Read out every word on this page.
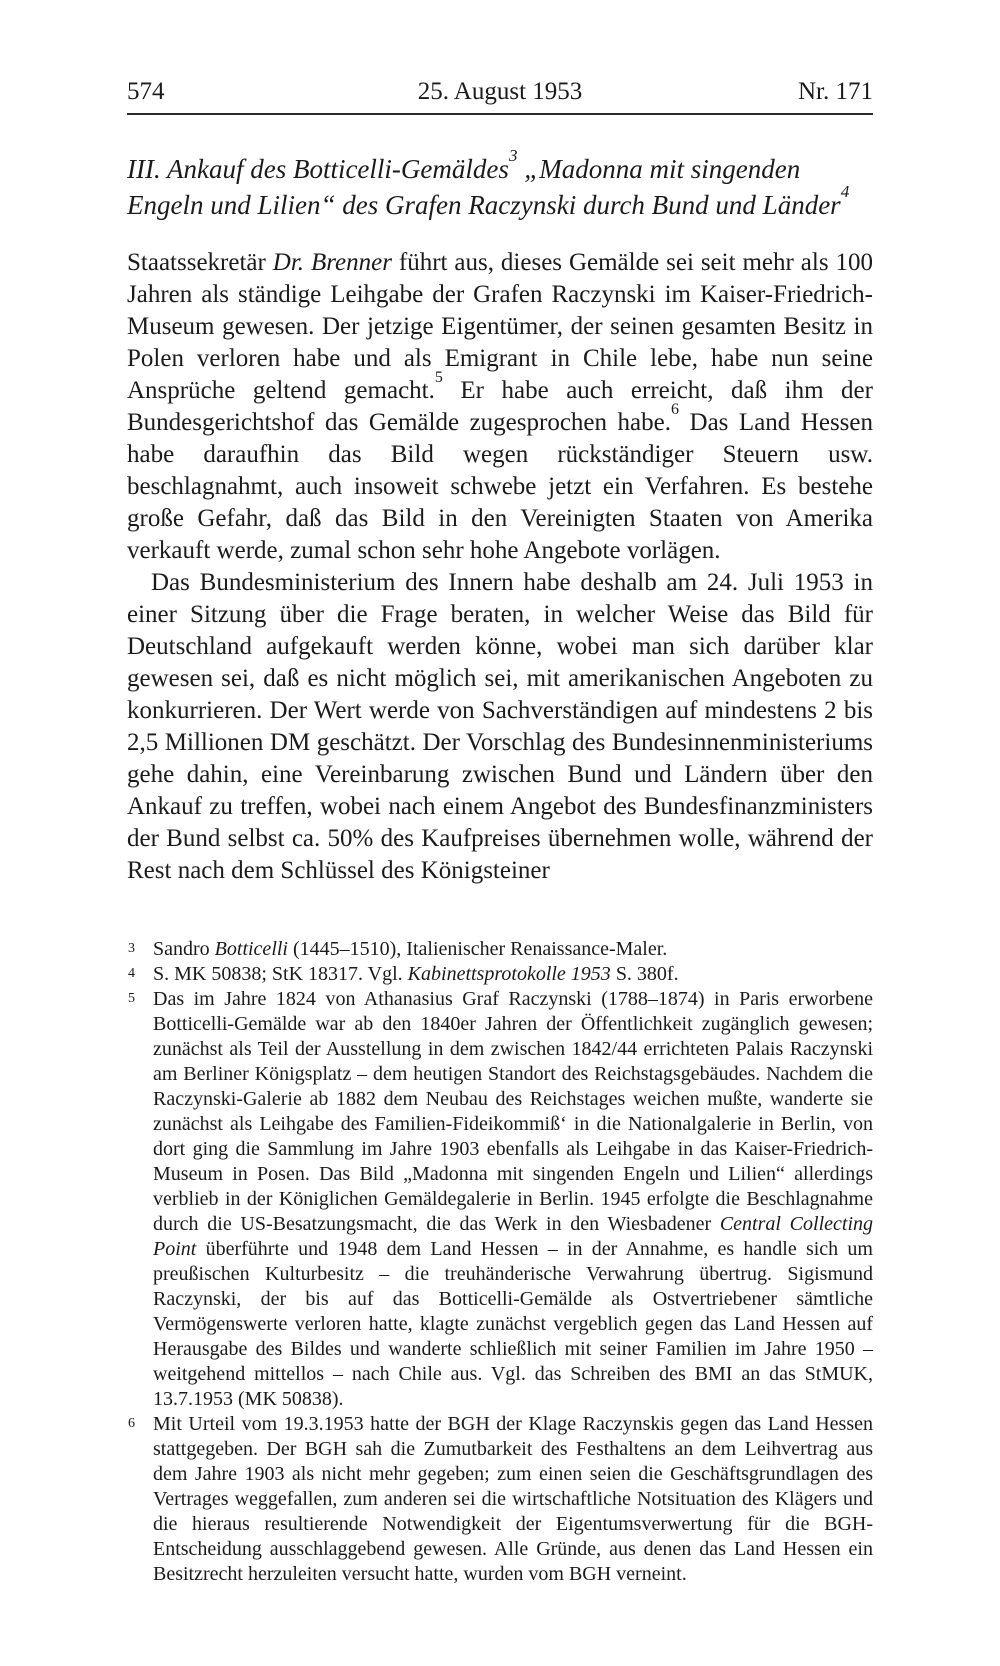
574	25. August 1953	Nr. 171
III. Ankauf des Botticelli-Gemäldes$^3$ „Madonna mit singenden Engeln und Lilien“ des Grafen Raczynski durch Bund und Länder$^4$

Staatssekretär Dr. Brenner führt aus, dieses Gemälde sei seit mehr als 100 Jahren als ständige Leihgabe der Grafen Raczynski im Kaiser-Friedrich-Museum gewesen. Der jetzige Eigentümer, der seinen gesamten Besitz in Polen verloren habe und als Emigrant in Chile lebe, habe nun seine Ansprüche geltend gemacht.$^5$ Er habe auch erreicht, daß ihm der Bundesgerichtshof das Gemälde zugesprochen habe.$^6$ Das Land Hessen habe daraufhin das Bild wegen rückständiger Steuern usw. beschlagnahmt, auch insoweit schwebe jetzt ein Verfahren. Es bestehe große Gefahr, daß das Bild in den Vereinigten Staaten von Amerika verkauft werde, zumal schon sehr hohe Angebote vorlägen.

Das Bundesministerium des Innern habe deshalb am 24. Juli 1953 in einer Sitzung über die Frage beraten, in welcher Weise das Bild für Deutschland aufgekauft werden könne, wobei man sich darüber klar gewesen sei, daß es nicht möglich sei, mit amerikanischen Angeboten zu konkurrieren. Der Wert werde von Sachverständigen auf mindestens 2 bis 2,5 Millionen DM geschätzt. Der Vorschlag des Bundesinnenministeriums gehe dahin, eine Vereinbarung zwischen Bund und Ländern über den Ankauf zu treffen, wobei nach einem Angebot des Bundesfinanzministers der Bund selbst ca. 50% des Kaufpreises übernehmen wolle, während der Rest nach dem Schlüssel des Königsteiner

3 Sandro Botticelli (1445–1510), Italienischer Renaissance-Maler.
4 S. MK 50838; StK 18317. Vgl. Kabinettsprotokolle 1953 S. 380f.
5 Das im Jahre 1824 von Athanasius Graf Raczynski (1788–1874) in Paris erworbene Botticelli-Gemälde war ab den 1840er Jahren der Öffentlichkeit zugänglich gewesen; zunächst als Teil der Ausstellung in dem zwischen 1842/44 errichteten Palais Raczynski am Berliner Königsplatz – dem heutigen Standort des Reichstagsgebäudes. Nachdem die Raczynski-Galerie ab 1882 dem Neubau des Reichstages weichen mußte, wanderte sie zunächst als Leihgabe des Familien-Fideikommiß‘ in die Nationalgalerie in Berlin, von dort ging die Sammlung im Jahre 1903 ebenfalls als Leihgabe in das Kaiser-Friedrich-Museum in Posen. Das Bild „Madonna mit singenden Engeln und Lilien“ allerdings verblieb in der Königlichen Gemäldegalerie in Berlin. 1945 erfolgte die Beschlagnahme durch die US-Besatzungsmacht, die das Werk in den Wiesbadener Central Collecting Point überführte und 1948 dem Land Hessen – in der Annahme, es handle sich um preußischen Kulturbesitz – die treuhänderische Verwahrung übertrug. Sigismund Raczynski, der bis auf das Botticelli-Gemälde als Ostvertriebener sämtliche Vermögenswerte verloren hatte, klagte zunächst vergeblich gegen das Land Hessen auf Herausgabe des Bildes und wanderte schließlich mit seiner Familien im Jahre 1950 – weitgehend mittellos – nach Chile aus. Vgl. das Schreiben des BMI an das StMUK, 13.7.1953 (MK 50838).
6 Mit Urteil vom 19.3.1953 hatte der BGH der Klage Raczynskis gegen das Land Hessen stattgegeben. Der BGH sah die Zumutbarkeit des Festhaltens an dem Leihvertrag aus dem Jahre 1903 als nicht mehr gegeben; zum einen seien die Geschäftsgrundlagen des Vertrages weggefallen, zum anderen sei die wirtschaftliche Notsituation des Klägers und die hieraus resultierende Notwendigkeit der Eigentumsverwertung für die BGH-Entscheidung ausschlaggebend gewesen. Alle Gründe, aus denen das Land Hessen ein Besitzrecht herzuleiten versucht hatte, wurden vom BGH verneint.
